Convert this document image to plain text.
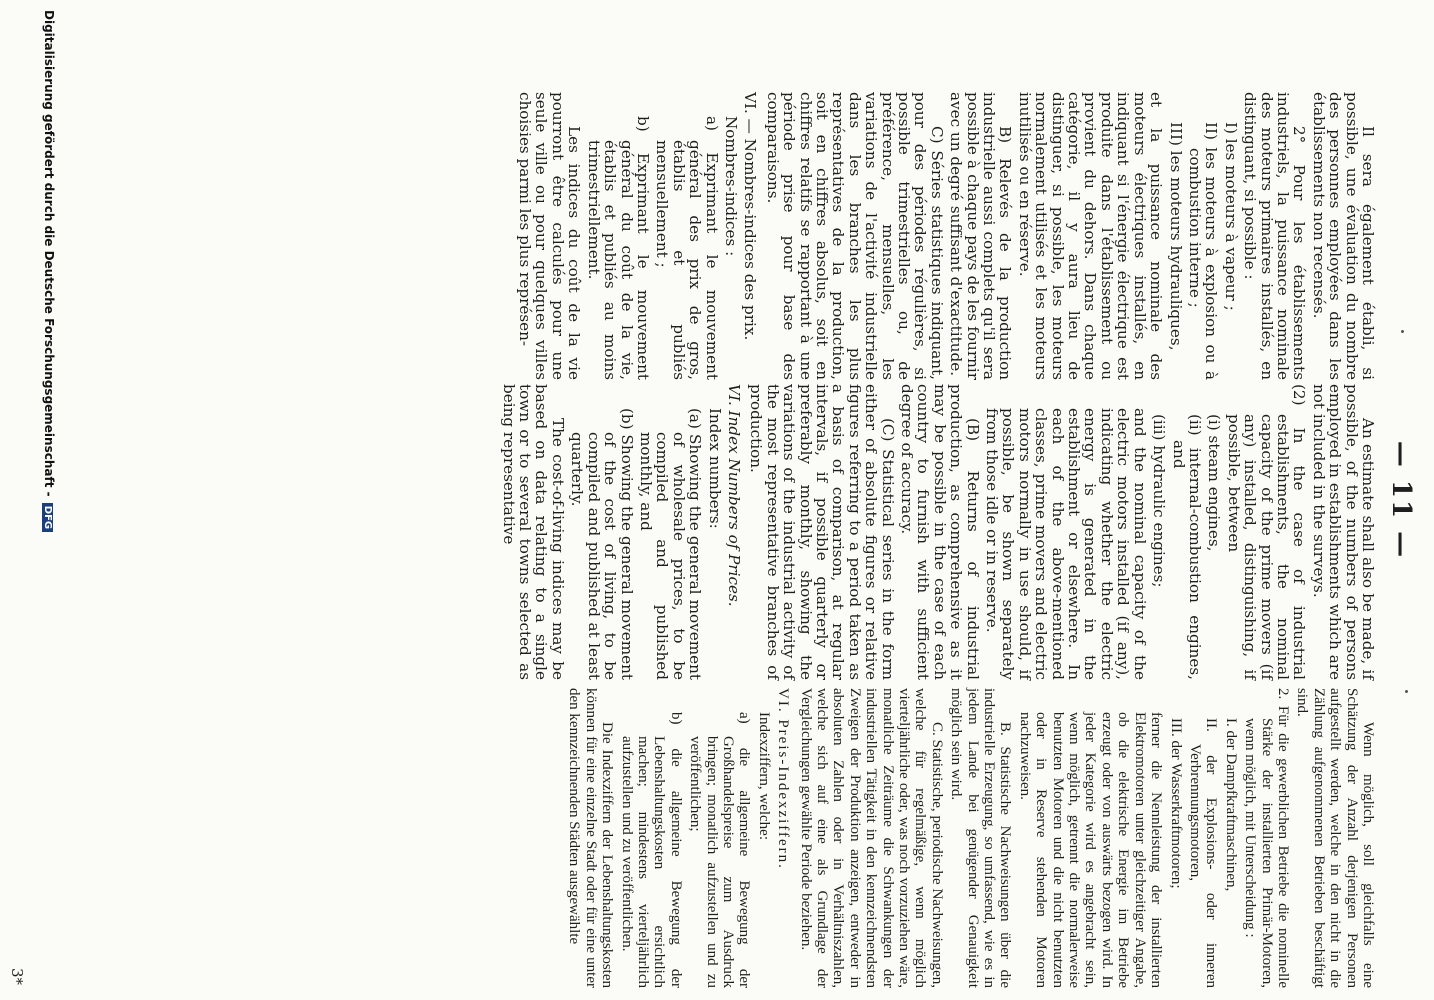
— 11 —

Il sera également établi, si possible, une évaluation du nombre des personnes employées dans les établissements non recensés.

2° Pour les établissements industriels, la puissance nominale des moteurs primaires installés, en distinguant, si possible :

I) les moteurs à vapeur ;

II) les moteurs à explosion ou à combustion interne ;

III) les moteurs hydrauliques,

et la puissance nominale des moteurs électriques installés, en indiquant si l'énergie électrique est produite dans l'établissement ou provient du dehors. Dans chaque catégorie, il y aura lieu de distinguer, si possible, les moteurs normalement utilisés et les moteurs inutilisés ou en réserve.

B) Relevés de la production industrielle aussi complets qu'il sera possible à chaque pays de les fournir avec un degré suffisant d'exactitude.

C) Séries statistiques indiquant, pour des périodes régulières, si possible trimestrielles ou, de préférence, mensuelles, les variations de l'activité industrielle dans les branches les plus représentatives de la production, soit en chiffres absolus, soit en chiffres relatifs se rapportant à une période prise pour base des comparaisons.

VI. — Nombres-indices des prix.

Nombres-indices :

a) Exprimant le mouvement général des prix de gros, établis et publiés mensuellement ;

b) Exprimant le mouvement général du coût de la vie, établis et publiés au moins trimestriellement.

Les indices du coût de la vie pourront être calculés pour une seule ville ou pour quelques villes choisies parmi les plus représen-

An estimate shall also be made, if possible, of the numbers of persons employed in establishments which are not included in the surveys.

(2) In the case of industrial establishments, the nominal capacity of the prime movers (if any) installed, distinguishing, if possible, between

(i) steam engines,

(ii) internal-combustion engines, and

(iii) hydraulic engines;

and the nominal capacity of the electric motors installed (if any), indicating whether the electric energy is generated in the establishment or elsewhere. In each of the above-mentioned classes, prime movers and electric motors normally in use should, if possible, be shown separately from those idle or in reserve.

(B) Returns of industrial production, as comprehensive as it may be possible in the case of each country to furnish with sufficient degree of accuracy.

(C) Statistical series in the form either of absolute figures or relative figures referring to a period taken as a basis of comparison, at regular intervals, if possible quarterly or preferably monthly, showing the variations of the industrial activity of the most representative branches of production.

VI. Index Numbers of Prices.

Index numbers:

(a) Showing the general movement of wholesale prices, to be compiled and published monthly, and

(b) Showing the general movement of the cost of living, to be compiled and published at least quarterly.

The cost-of-living indices may be based on data relating to a single town or to several towns selected as being representative

Wenn möglich, soll gleichfalls eine Schätzung der Anzahl derjenigen Personen aufgestellt werden, welche in den nicht in die Zählung aufgenommenen Betrieben beschäftigt sind.

2. Für die gewerblichen Betriebe die nominelle Stärke der installierten Primär-Motoren, wenn möglich, mit Unterscheidung :

I. der Dampfkraftmaschinen,

II. der Explosions- oder inneren Verbrennungsmotoren,

III. der Wasserkraftmotoren;

ferner die Nennleistung der installierten Elektromotoren unter gleichzeitiger Angabe, ob die elektrische Energie im Betriebe erzeugt oder von auswärts bezogen wird. In jeder Kategorie wird es angebracht sein, wenn möglich, getrennt die normalerweise benutzten Motoren und die nicht benutzten oder in Reserve stehenden Motoren nachzuweisen.

B. Statistische Nachweisungen über die industrielle Erzeugung, so umfassend, wie es in jedem Lande bei genügender Genauigkeit möglich sein wird.

C. Statistische, periodische Nachweisungen, welche für regelmäßige, wenn möglich vierteljährliche oder, was noch vorzuziehen wäre, monatliche Zeiträume die Schwankungen der industriellen Tätigkeit in den kennzeichnendsten Zweigen der Produktion anzeigen, entweder in absoluten Zahlen oder in Verhältniszahlen, welche sich auf eine als Grundlage der Vergleichungen gewählte Periode beziehen.

VI. Preis-Indexziffern.

Indexziffern, welche:

a) die allgemeine Bewegung der Großhandelspreise zum Ausdruck bringen; monatlich aufzustellen und zu veröffentlichen;

b) die allgemeine Bewegung der Lebenshaltungskosten ersichtlich machen; mindestens vierteljährlich aufzustellen und zu veröffentlichen.

Die Indexziffern der Lebenshaltungskosten können für eine einzelne Stadt oder für eine unter den kennzeichnenden Städten ausgewählte

3*
Digitalisierung gefördert durch die Deutsche Forschungsgemeinschaft - DFG
